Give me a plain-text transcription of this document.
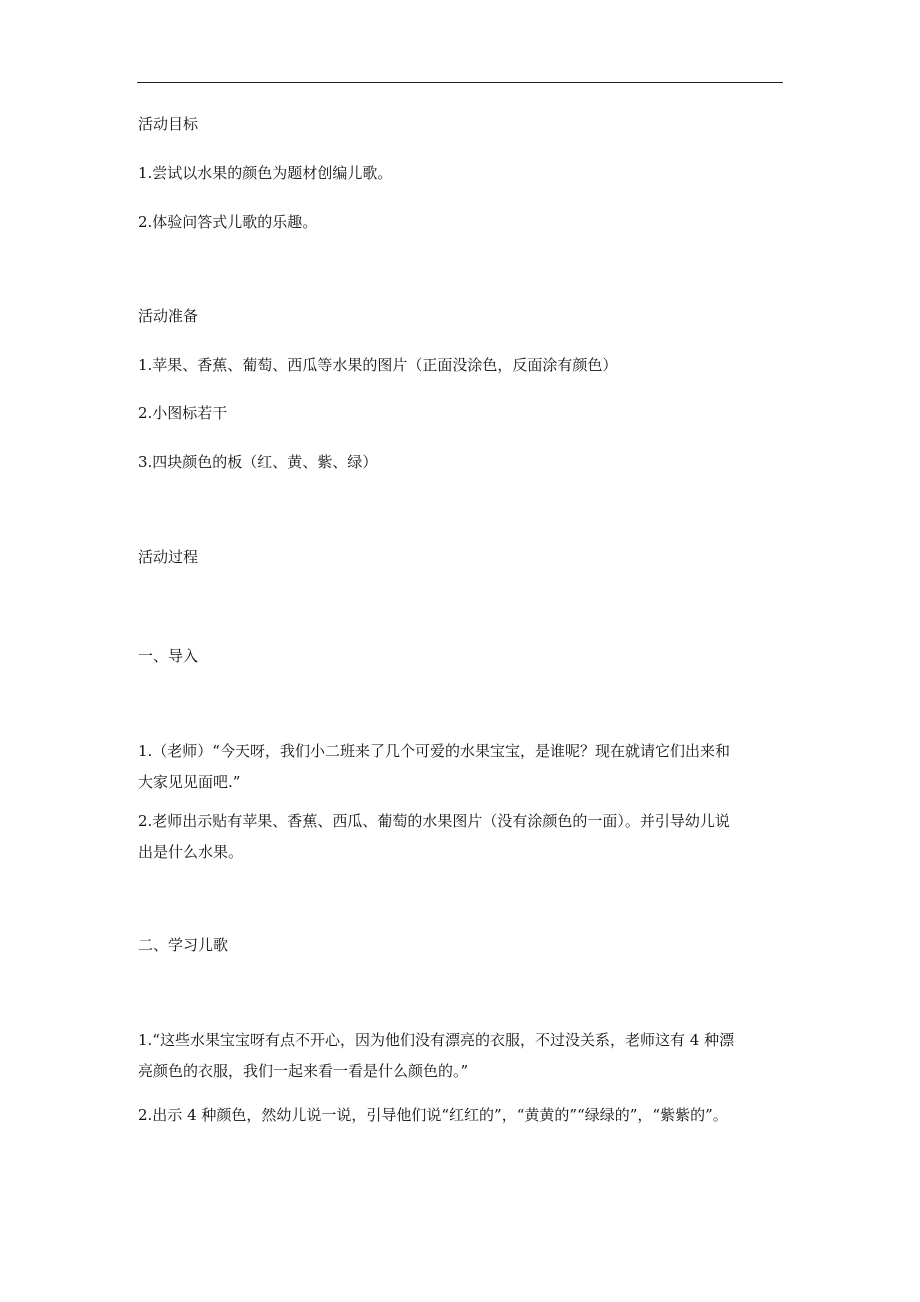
活动目标

1.尝试以水果的颜色为题材创编儿歌。

2.体验问答式儿歌的乐趣。

活动准备

1.苹果、香蕉、葡萄、西瓜等水果的图片（正面没涂色，反面涂有颜色）

2.小图标若干

3.四块颜色的板（红、黄、紫、绿）

活动过程

一、导入

1.（老师）“今天呀，我们小二班来了几个可爱的水果宝宝，是谁呢？现在就请它们出来和
大家见见面吧.”
2.老师出示贴有苹果、香蕉、西瓜、葡萄的水果图片（没有涂颜色的一面）。并引导幼儿说
出是什么水果。

二、学习儿歌

1.“这些水果宝宝呀有点不开心，因为他们没有漂亮的衣服，不过没关系，老师这有 4 种漂
亮颜色的衣服，我们一起来看一看是什么颜色的。”

2.出示 4 种颜色，然幼儿说一说，引导他们说“红红的”，“黄黄的”“绿绿的”，“紫紫的”。
